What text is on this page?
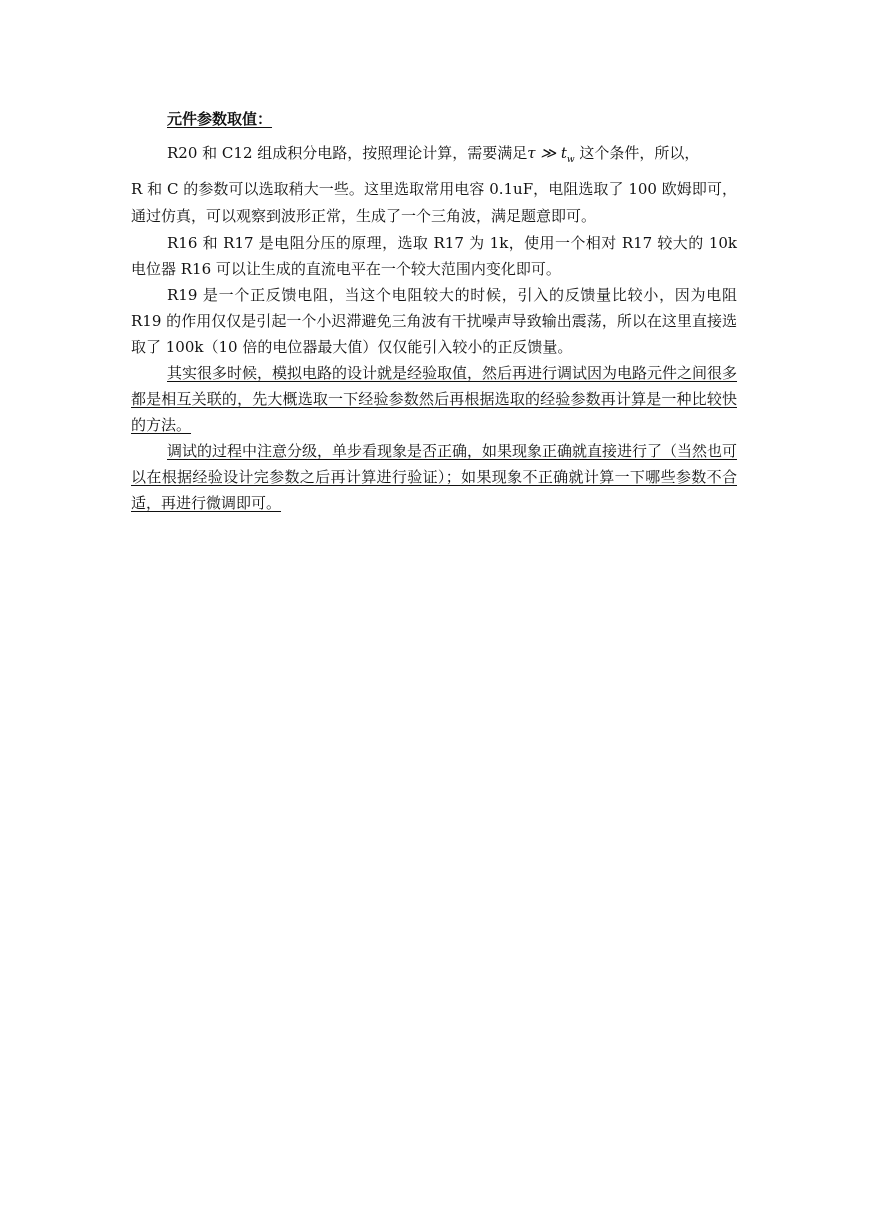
元件参数取值：

R20 和 C12 组成积分电路，按照理论计算，需要满足τ ≫ $t_w$ 这个条件，所以，

R 和 C 的参数可以选取稍大一些。这里选取常用电容 0.1uF，电阻选取了 100 欧姆即可，通过仿真，可以观察到波形正常，生成了一个三角波，满足题意即可。

R16 和 R17 是电阻分压的原理，选取 R17 为 1k，使用一个相对 R17 较大的 10k 电位器 R16 可以让生成的直流电平在一个较大范围内变化即可。

R19 是一个正反馈电阻，当这个电阻较大的时候，引入的反馈量比较小，因为电阻 R19 的作用仅仅是引起一个小迟滞避免三角波有干扰噪声导致输出震荡，所以在这里直接选取了 100k（10 倍的电位器最大值）仅仅能引入较小的正反馈量。

其实很多时候，模拟电路的设计就是经验取值，然后再进行调试因为电路元件之间很多都是相互关联的，先大概选取一下经验参数然后再根据选取的经验参数再计算是一种比较快的方法。

调试的过程中注意分级，单步看现象是否正确，如果现象正确就直接进行了（当然也可以在根据经验设计完参数之后再计算进行验证）；如果现象不正确就计算一下哪些参数不合适，再进行微调即可。
